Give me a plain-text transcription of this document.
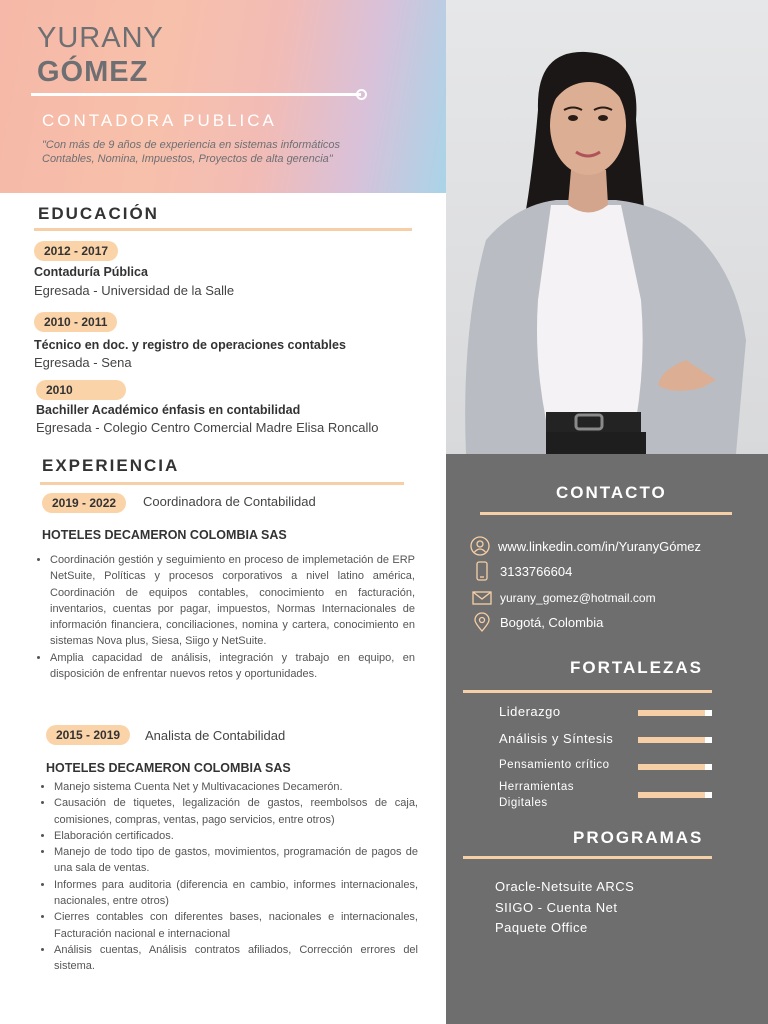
YURANY
GÓMEZ
CONTADORA PUBLICA
"Con más de 9 años de experiencia en sistemas informáticos Contables, Nomina, Impuestos, Proyectos de alta gerencia"
EDUCACIÓN
2012 - 2017
Contaduría Pública
Egresada - Universidad de la Salle
2010 - 2011
Técnico en doc. y registro de operaciones contables
Egresada - Sena
2010
Bachiller Académico énfasis en contabilidad
Egresada - Colegio Centro Comercial Madre Elisa Roncallo
EXPERIENCIA
2019 - 2022	Coordinadora de Contabilidad
HOTELES DECAMERON COLOMBIA SAS
• Coordinación gestión y seguimiento en proceso de implemetación de ERP NetSuite, Políticas y procesos corporativos a nivel latino américa, Coordinación de equipos contables, conocimiento en facturación, inventarios, cuentas por pagar, impuestos, Normas Internacionales de información financiera, conciliaciones, nomina y cartera, conocimiento en sistemas Nova plus, Siesa, Siigo y NetSuite.
• Amplia capacidad de análisis, integración y trabajo en equipo, en disposición de enfrentar nuevos retos y oportunidades.
2015 - 2019	Analista de Contabilidad
HOTELES DECAMERON COLOMBIA SAS
• Manejo sistema Cuenta Net y Multivacaciones Decamerón.
• Causación de tiquetes, legalización de gastos, reembolsos de caja, comisiones, compras, ventas, pago servicios, entre otros)
• Elaboración certificados.
• Manejo de todo tipo de gastos, movimientos, programación de pagos de una sala de ventas.
• Informes para auditoria (diferencia en cambio, informes internacionales, nacionales, entre otros)
• Cierres contables con diferentes bases, nacionales e internacionales, Facturación nacional e internacional
• Análisis cuentas, Análisis contratos afiliados, Corrección errores del sistema.
CONTACTO
www.linkedin.com/in/YuranyGómez
3133766604
yurany_gomez@hotmail.com
Bogotá, Colombia
FORTALEZAS
Liderazgo
Análisis y Síntesis
Pensamiento crítico
Herramientas Digitales
PROGRAMAS
Oracle-Netsuite ARCS
SIIGO - Cuenta Net
Paquete Office
